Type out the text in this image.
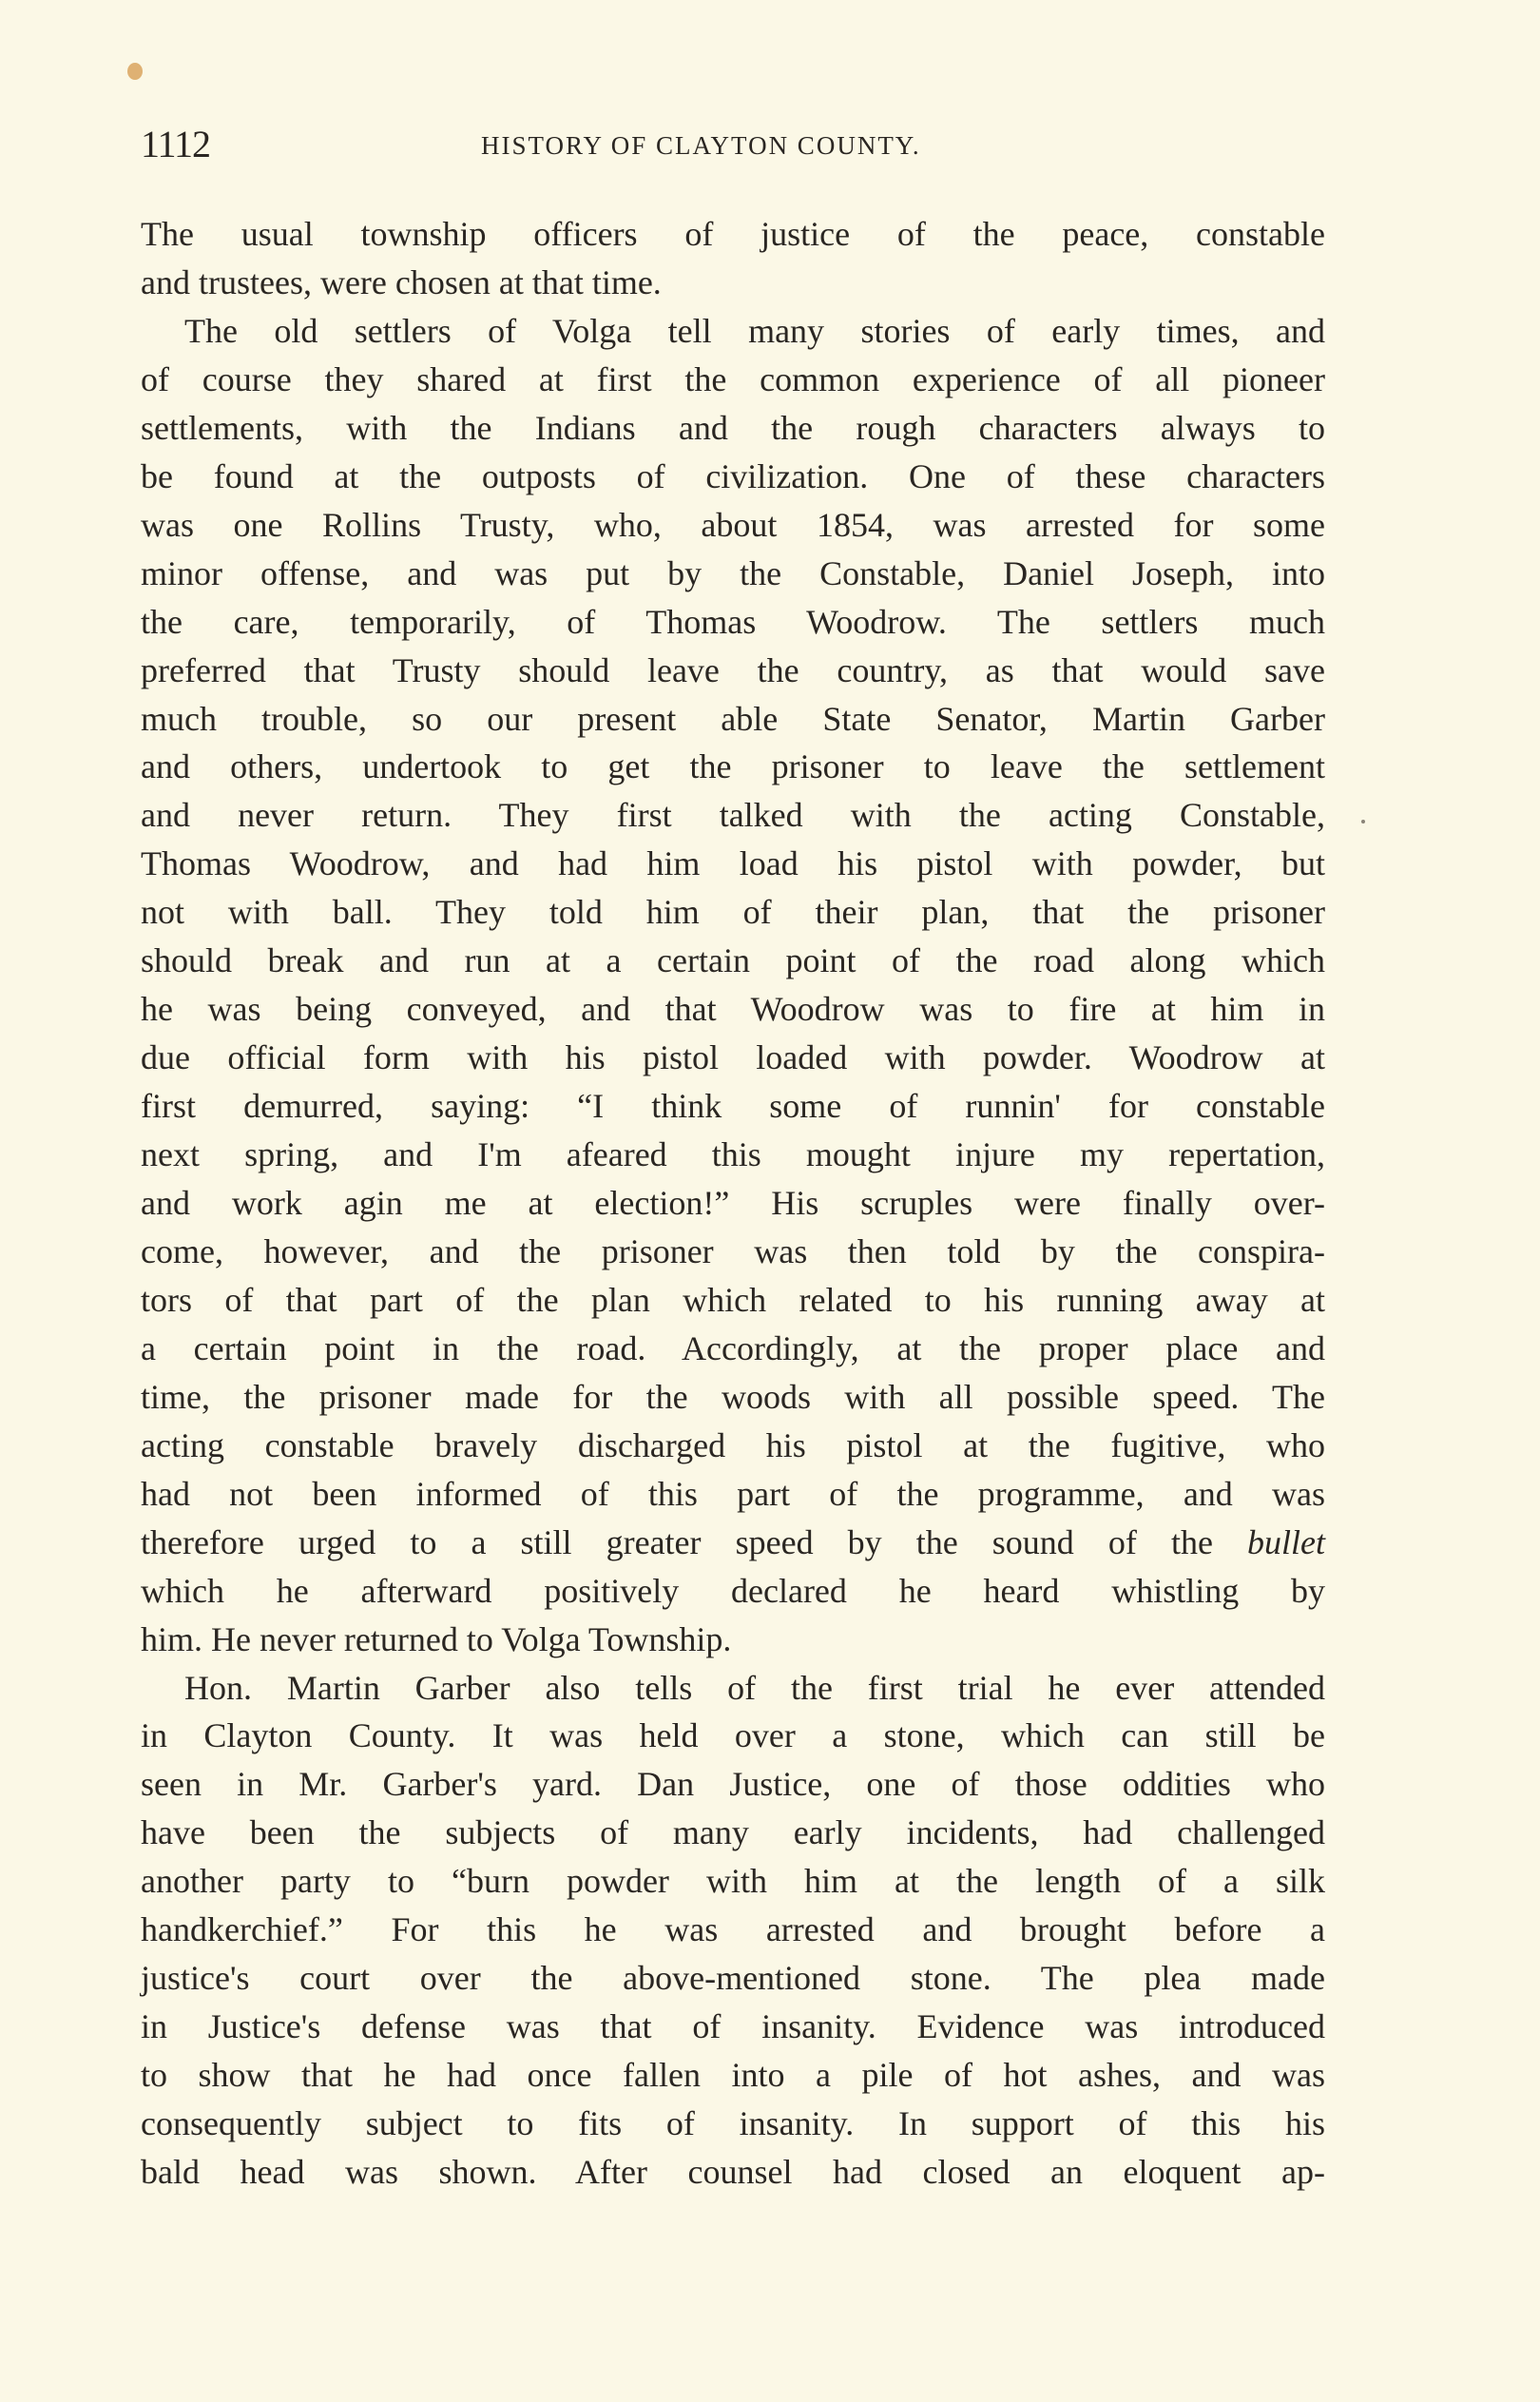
1112	HISTORY OF CLAYTON COUNTY.
The usual township officers of justice of the peace, constable
and trustees, were chosen at that time.
The old settlers of Volga tell many stories of early times, and
of course they shared at first the common experience of all pioneer
settlements, with the Indians and the rough characters always to
be found at the outposts of civilization. One of these characters
was one Rollins Trusty, who, about 1854, was arrested for some
minor offense, and was put by the Constable, Daniel Joseph, into
the care, temporarily, of Thomas Woodrow. The settlers much
preferred that Trusty should leave the country, as that would save
much trouble, so our present able State Senator, Martin Garber
and others, undertook to get the prisoner to leave the settlement
and never return. They first talked with the acting Constable,
Thomas Woodrow, and had him load his pistol with powder, but
not with ball. They told him of their plan, that the prisoner
should break and run at a certain point of the road along which
he was being conveyed, and that Woodrow was to fire at him in
due official form with his pistol loaded with powder. Woodrow at
first demurred, saying: “I think some of runnin' for constable
next spring, and I'm afeared this mought injure my repertation,
and work agin me at election!” His scruples were finally over-
come, however, and the prisoner was then told by the conspira-
tors of that part of the plan which related to his running away at
a certain point in the road. Accordingly, at the proper place and
time, the prisoner made for the woods with all possible speed. The
acting constable bravely discharged his pistol at the fugitive, who
had not been informed of this part of the programme, and was
therefore urged to a still greater speed by the sound of the bullet
which he afterward positively declared he heard whistling by
him. He never returned to Volga Township.
Hon. Martin Garber also tells of the first trial he ever attended
in Clayton County. It was held over a stone, which can still be
seen in Mr. Garber's yard. Dan Justice, one of those oddities who
have been the subjects of many early incidents, had challenged
another party to “burn powder with him at the length of a silk
handkerchief.” For this he was arrested and brought before a
justice's court over the above-mentioned stone. The plea made
in Justice's defense was that of insanity. Evidence was introduced
to show that he had once fallen into a pile of hot ashes, and was
consequently subject to fits of insanity. In support of this his
bald head was shown. After counsel had closed an eloquent ap-
